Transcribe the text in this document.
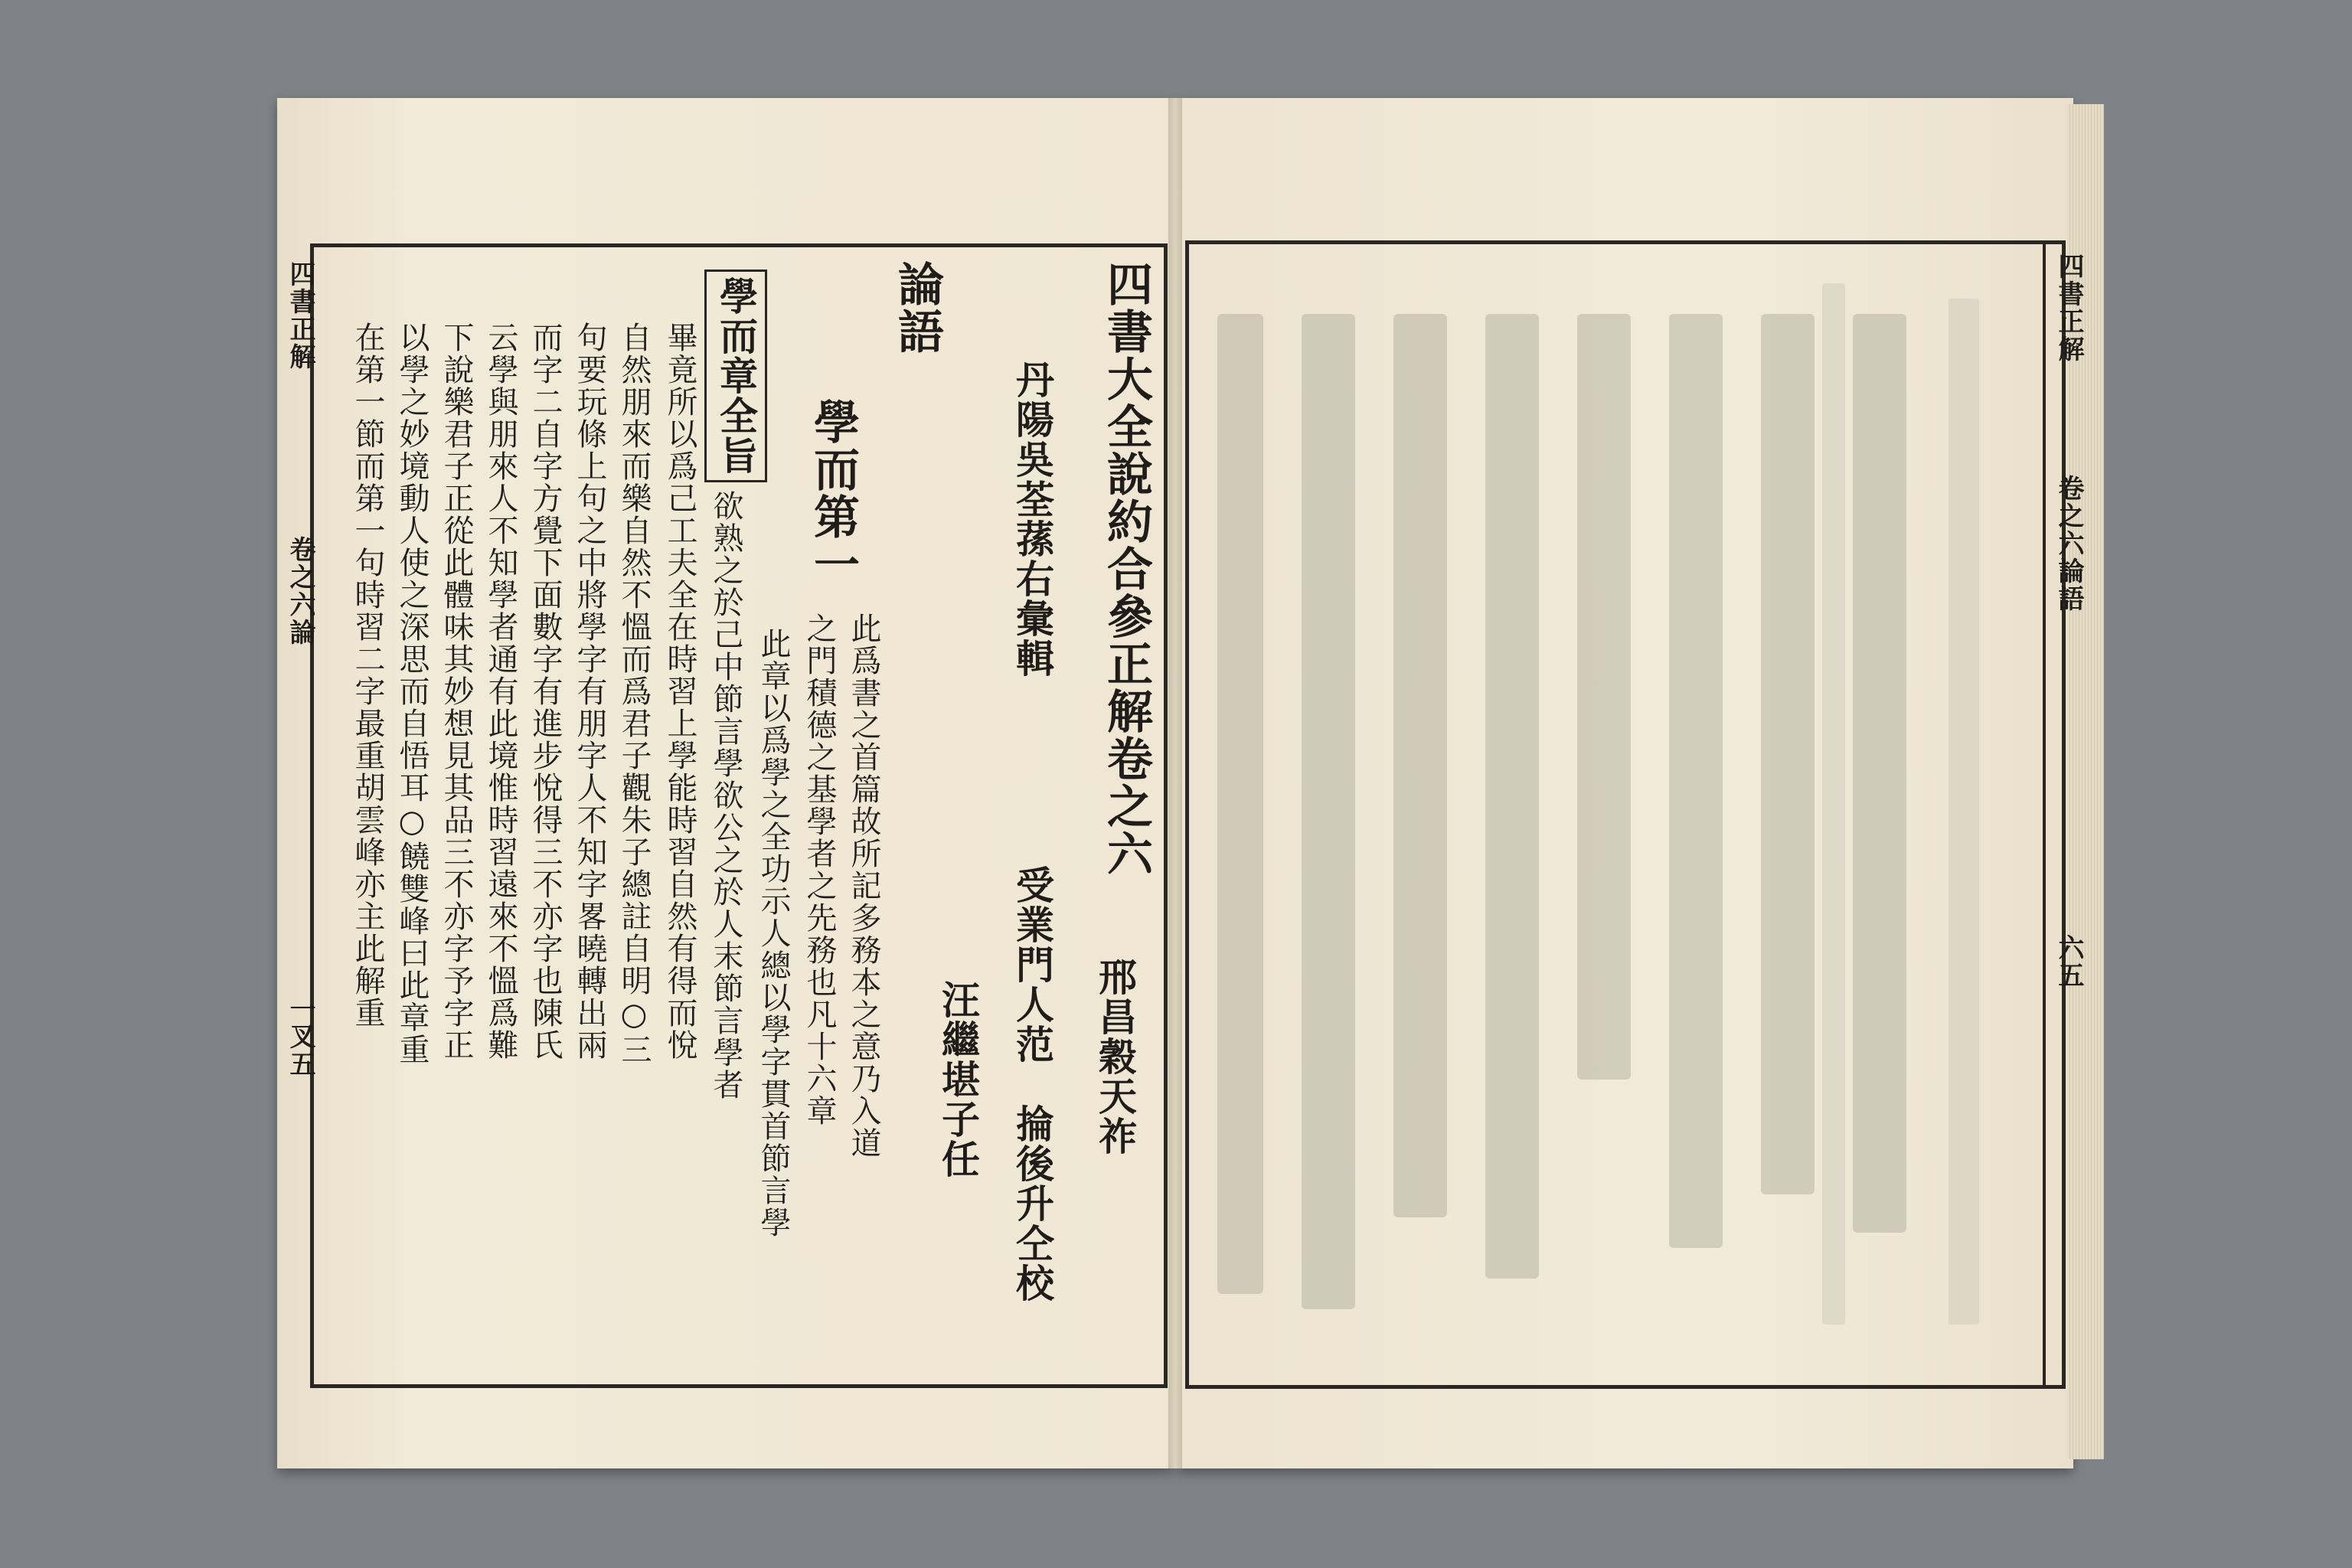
四書正解
卷之六論
一叉五
四書大全說約合參正解卷之六
丹陽吳荃蓀右彙輯
邢昌穀天祚
受業門人范　掄後升仝校
汪繼堪子任
論語
學而第一
學而章全旨
此爲書之首篇故所記多務本之意乃入道
之門積德之基學者之先務也凡十六章
此章以爲學之全功示人總以學字貫首節言學
欲熟之於己中節言學欲公之於人末節言學者
畢竟所以爲己工夫全在時習上學能時習自然有得而悅
自然朋來而樂自然不慍而爲君子觀朱子總註自明○三
句要玩條上句之中將學字有朋字人不知字畧曉轉出兩
而字二自字方覺下面數字有進步悅得三不亦字也陳氏
云學與朋來人不知學者通有此境惟時習遠來不慍爲難
下說樂君子正從此體味其妙想見其品三不亦字予字正
以學之妙境動人使之深思而自悟耳○饒雙峰曰此章重
在第一節而第一句時習二字最重胡雲峰亦主此解重
四書正解
卷之六論語
六五
